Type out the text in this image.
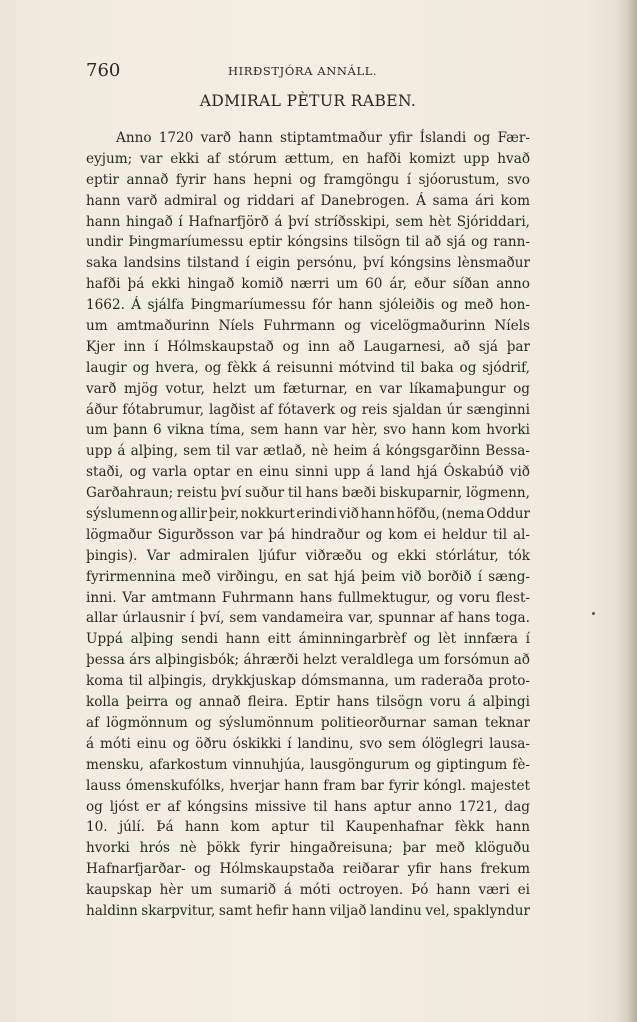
760	HIRÐSTJÓRA ANNÁLL.
ADMIRAL PÈTUR RABEN.
Anno 1720 varð hann stiptamtmaður yfir Íslandi og Fær-
eyjum; var ekki af stórum ættum, en hafði komizt upp hvað
eptir annað fyrir hans hepni og framgöngu í sjóorustum, svo
hann varð admiral og riddari af Danebrogen. Á sama ári kom
hann hingað í Hafnarfjörð á því stríðsskipi, sem hèt Sjóriddari,
undir Þingmaríumessu eptir kóngsins tilsögn til að sjá og rann-
saka landsins tilstand í eigin persónu, því kóngsins lènsmaður
hafði þá ekki hingað komið nærri um 60 ár, eður síðan anno
1662. Á sjálfa Þingmaríumessu fór hann sjóleiðis og með hon-
um amtmaðurinn Níels Fuhrmann og vicelögmaðurinn Níels
Kjer inn í Hólmskaupstað og inn að Laugarnesi, að sjá þar
laugir og hvera, og fèkk á reisunni mótvind til baka og sjódrif,
varð mjög votur, helzt um fæturnar, en var líkamaþungur og
áður fótabrumur, lagðist af fótaverk og reis sjaldan úr sænginni
um þann 6 vikna tíma, sem hann var hèr, svo hann kom hvorki
upp á alþing, sem til var ætlað, nè heim á kóngsgarðinn Bessa-
staði, og varla optar en einu sinni upp á land hjá Óskabúð við
Garðahraun; reistu því suður til hans bæði biskuparnir, lögmenn,
sýslumenn og allir þeir, nokkurt erindi við hann höfðu, (nema Oddur
lögmaður Sigurðsson var þá hindraður og kom ei heldur til al-
þingis). Var admiralen ljúfur viðræðu og ekki stórlátur, tók
fyrirmennina með virðingu, en sat hjá þeim við borðið í sæng-
inni. Var amtmann Fuhrmann hans fullmektugur, og voru flest-
allar úrlausnir í því, sem vandameira var, spunnar af hans toga.
Uppá alþing sendi hann eitt áminningarbrèf og lèt innfæra í
þessa árs alþingisbók; áhrærði helzt veraldlega um forsómun að
koma til alþingis, drykkjuskap dómsmanna, um raderaða proto-
kolla þeirra og annað fleira. Eptir hans tilsögn voru á alþingi
af lögmönnum og sýslumönnum politieorðurnar saman teknar
á móti einu og öðru óskikki í landinu, svo sem ólöglegri lausa-
mensku, afarkostum vinnuhjúa, lausgöngurum og giptingum fè-
lauss ómenskufólks, hverjar hann fram bar fyrir kóngl. majestet
og ljóst er af kóngsins missive til hans aptur anno 1721, dag
10. júlí. Þá hann kom aptur til Kaupenhafnar fèkk hann
hvorki hrós nè þökk fyrir hingaðreisuna; þar með klöguðu
Hafnarfjarðar- og Hólmskaupstaða reiðarar yfir hans frekum
kaupskap hèr um sumarið á móti octroyen. Þó hann væri ei
haldinn skarpvitur, samt hefir hann viljað landinu vel, spaklyndur
